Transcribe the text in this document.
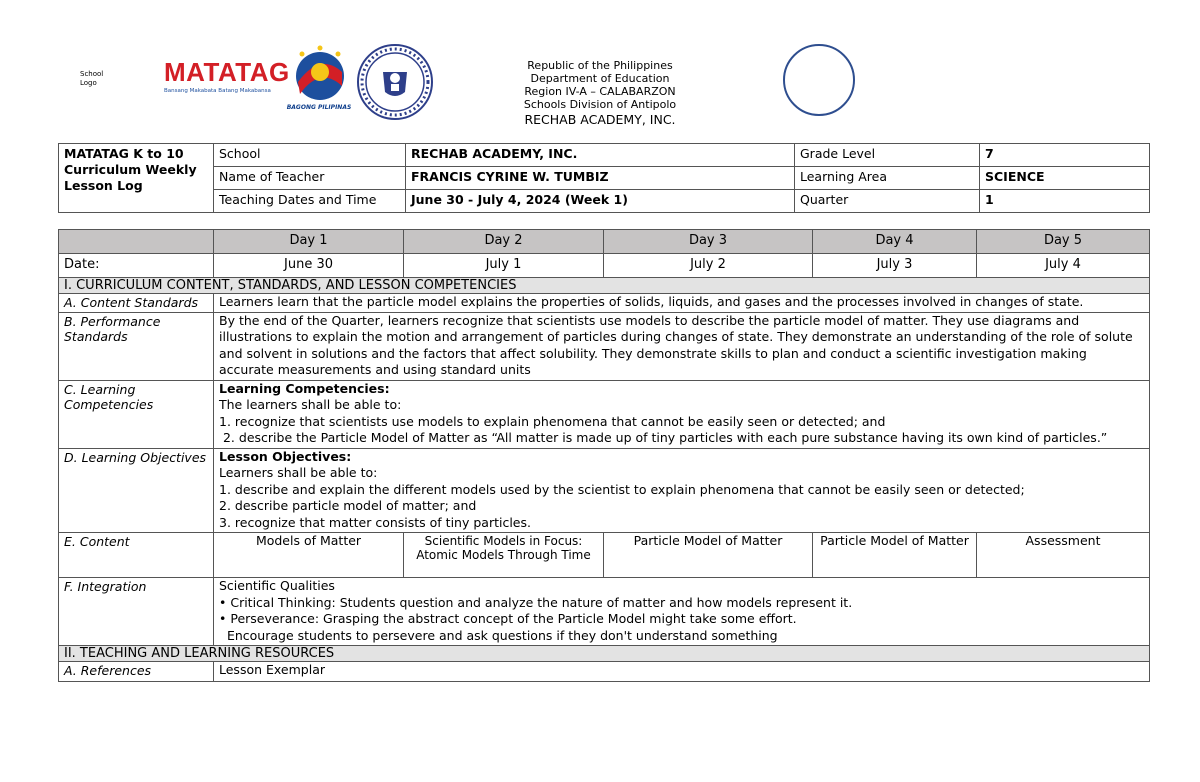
School Logo	MATATAG
Bansang Makabata Batang Makabansa
BAGONG PILIPINAS
Republic of the Philippines
Department of Education
Region IV-A – CALABARZON
Schools Division of Antipolo
RECHAB ACADEMY, INC.
MATATAG K to 10 Curriculum Weekly Lesson Log	School	RECHAB ACADEMY, INC.	Grade Level	7
	Name of Teacher	FRANCIS CYRINE W. TUMBIZ	Learning Area	SCIENCE
	Teaching Dates and Time	June 30 - July 4, 2024 (Week 1)	Quarter	1
	Day 1	Day 2	Day 3	Day 4	Day 5
Date:	June 30	July 1	July 2	July 3	July 4
I. CURRICULUM CONTENT, STANDARDS, AND LESSON COMPETENCIES					
A. Content Standards	Learners learn that the particle model explains the properties of solids, liquids, and gases and the processes involved in changes of state.				
B. Performance Standards	By the end of the Quarter, learners recognize that scientists use models to describe the particle model of matter. They use diagrams and illustrations to explain the motion and arrangement of particles during changes of state. They demonstrate an understanding of the role of solute and solvent in solutions and the factors that affect solubility. They demonstrate skills to plan and conduct a scientific investigation making accurate measurements and using standard units				
C. Learning Competencies	Learning Competencies:
The learners shall be able to:
1. recognize that scientists use models to explain phenomena that cannot be easily seen or detected; and
2. describe the Particle Model of Matter as “All matter is made up of tiny particles with each pure substance having its own kind of particles.”				

D. Learning Objectives	Lesson Objectives:
Learners shall be able to:
1. describe and explain the different models used by the scientist to explain phenomena that cannot be easily seen or detected;
2. describe particle model of matter; and
3. recognize that matter consists of tiny particles.				

E. Content	Models of Matter	Scientific Models in Focus: Atomic Models Through Time	Particle Model of Matter	Particle Model of Matter	Assessment
F. Integration	Scientific Qualities
• Critical Thinking: Students question and analyze the nature of matter and how models represent it.
• Perseverance: Grasping the abstract concept of the Particle Model might take some effort.
Encourage students to persevere and ask questions if they don't understand something				

II. TEACHING AND LEARNING RESOURCES					
A. References	Lesson Exemplar				
